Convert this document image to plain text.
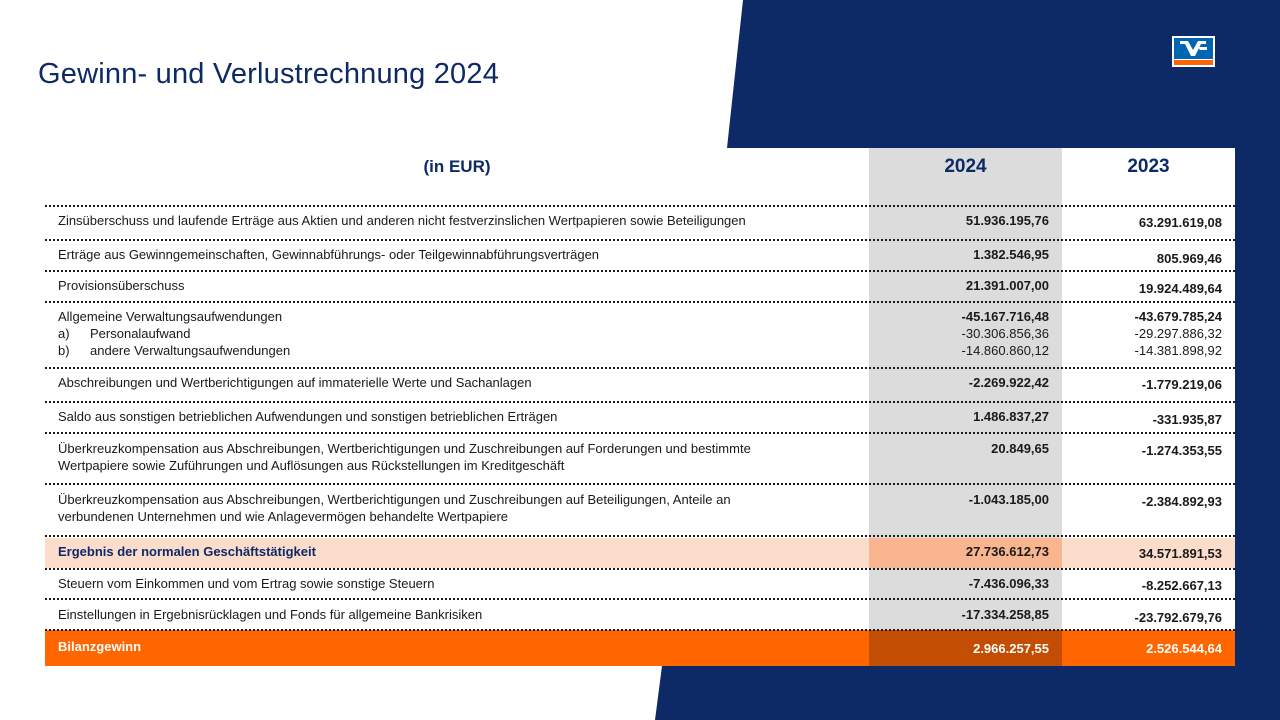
Gewinn- und Verlustrechnung 2024
(in EUR)	2024	2023
Zinsüberschuss und laufende Erträge aus Aktien und anderen nicht festverzinslichen Wertpapieren sowie Beteiligungen	51.936.195,76	63.291.619,08
Erträge aus Gewinngemeinschaften, Gewinnabführungs- oder Teilgewinnabführungsverträgen	1.382.546,95	805.969,46
Provisionsüberschuss	21.391.007,00	19.924.489,64
Allgemeine Verwaltungsaufwendungen	-45.167.716,48	-43.679.785,24
a) Personalaufwand	-30.306.856,36	-29.297.886,32
b) andere Verwaltungsaufwendungen	-14.860.860,12	-14.381.898,92
Abschreibungen und Wertberichtigungen auf immaterielle Werte und Sachanlagen	-2.269.922,42	-1.779.219,06
Saldo aus sonstigen betrieblichen Aufwendungen und sonstigen betrieblichen Erträgen	1.486.837,27	-331.935,87
Überkreuzkompensation aus Abschreibungen, Wertberichtigungen und Zuschreibungen auf Forderungen und bestimmte
Wertpapiere sowie Zuführungen und Auflösungen aus Rückstellungen im Kreditgeschäft
20.849,65	-1.274.353,55
Überkreuzkompensation aus Abschreibungen, Wertberichtigungen und Zuschreibungen auf Beteiligungen, Anteile an
verbundenen Unternehmen und wie Anlagevermögen behandelte Wertpapiere
-1.043.185,00	-2.384.892,93
Ergebnis der normalen Geschäftstätigkeit	27.736.612,73	34.571.891,53
Steuern vom Einkommen und vom Ertrag sowie sonstige Steuern	-7.436.096,33	-8.252.667,13
Einstellungen in Ergebnisrücklagen und Fonds für allgemeine Bankrisiken	-17.334.258,85	-23.792.679,76
Bilanzgewinn	2.966.257,55	2.526.544,64
